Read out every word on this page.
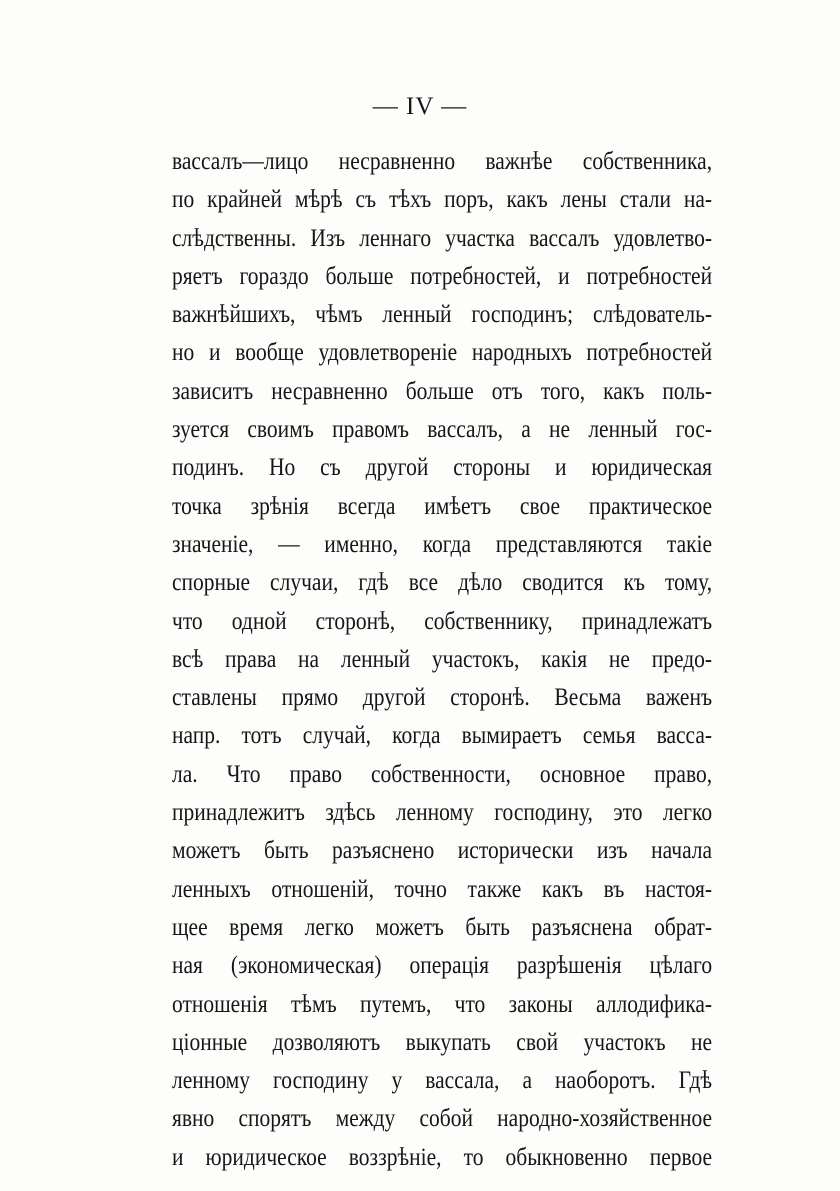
— IV —
вассалъ—лицо несравненно важнѣе собственника,
по крайней мѣрѣ съ тѣхъ поръ, какъ лены стали на-
слѣдственны. Изъ леннаго участка вассалъ удовлетво-
ряетъ гораздо больше потребностей, и потребностей
важнѣйшихъ, чѣмъ ленный господинъ; слѣдователь-
но и вообще удовлетворенiе народныхъ потребностей
зависитъ несравненно больше отъ того, какъ поль-
зуется своимъ правомъ вассалъ, а не ленный гос-
подинъ. Но съ другой стороны и юридическая
точка зрѣнiя всегда имѣетъ свое практическое
значенiе, — именно, когда представляются такiе
спорные случаи, гдѣ все дѣло сводится къ тому,
что одной сторонѣ, собственнику, принадлежатъ
всѣ права на ленный участокъ, какiя не предо-
ставлены прямо другой сторонѣ. Весьма важенъ
напр. тотъ случай, когда вымираетъ семья васса-
ла. Что право собственности, основное право,
принадлежитъ здѣсь ленному господину, это легко
можетъ быть разъяснено исторически изъ начала
ленныхъ отношенiй, точно также какъ въ настоя-
щее время легко можетъ быть разъяснена обрат-
ная (экономическая) операцiя разрѣшенiя цѣлаго
отношенiя тѣмъ путемъ, что законы аллодифика-
цiонные дозволяютъ выкупать свой участокъ не
ленному господину у вассала, а наоборотъ. Гдѣ
явно спорятъ между собой народно-хозяйственное
и юридическое воззрѣнiе, то обыкновенно первое
